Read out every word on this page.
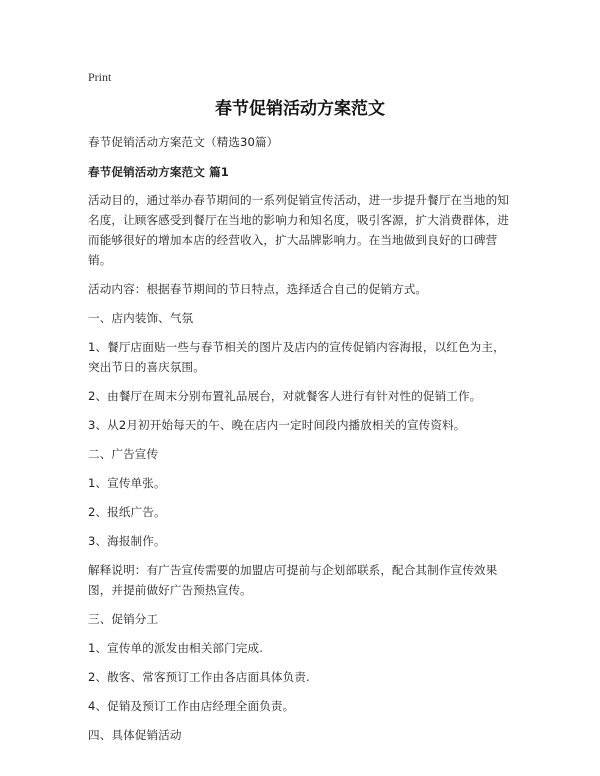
Print
春节促销活动方案范文
春节促销活动方案范文（精选30篇）
春节促销活动方案范文 篇1
活动目的，通过举办春节期间的一系列促销宣传活动，进一步提升餐厅在当地的知名度，让顾客感受到餐厅在当地的影响力和知名度，吸引客源，扩大消费群体，进而能够很好的增加本店的经营收入，扩大品牌影响力。在当地做到良好的口碑营销。
活动内容：根据春节期间的节日特点，选择适合自己的促销方式。
一、店内装饰、气氛
1、餐厅店面贴一些与春节相关的图片及店内的宣传促销内容海报，以红色为主，突出节日的喜庆氛围。
2、由餐厅在周末分别布置礼品展台，对就餐客人进行有针对性的促销工作。
3、从2月初开始每天的午、晚在店内一定时间段内播放相关的宣传资料。
二、广告宣传
1、宣传单张。
2、报纸广告。
3、海报制作。
解释说明：有广告宣传需要的加盟店可提前与企划部联系，配合其制作宣传效果图，并提前做好广告预热宣传。
三、促销分工
1、宣传单的派发由相关部门完成.
2、散客、常客预订工作由各店面具体负责.
4、促销及预订工作由店经理全面负责。
四、具体促销活动
